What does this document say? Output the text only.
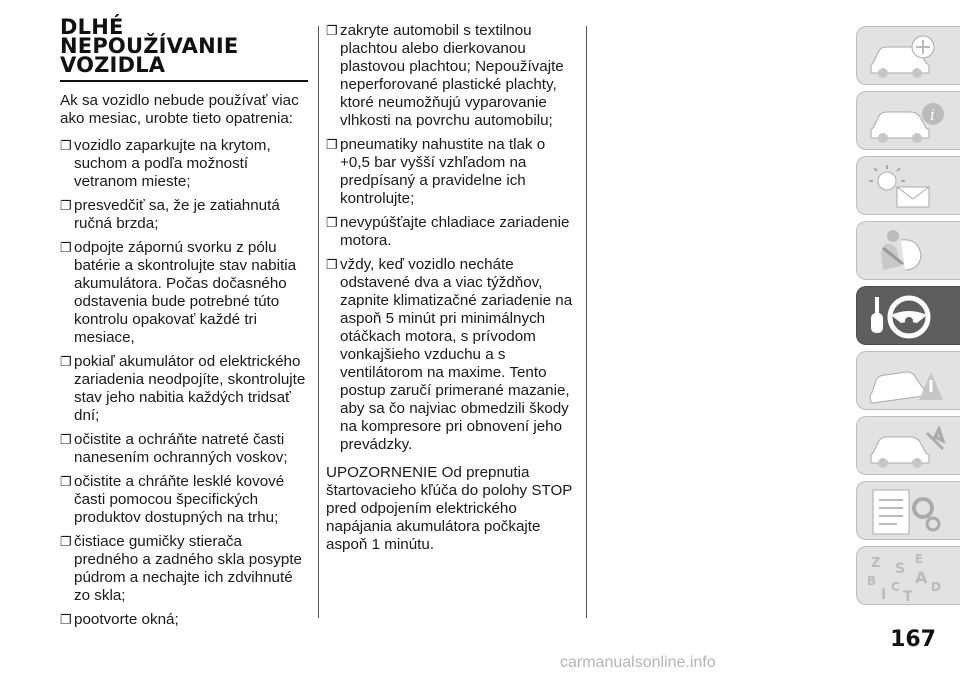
DLHÉ
NEPOUŽÍVANIE
VOZIDLA

Ak sa vozidlo nebude používať viac ako mesiac, urobte tieto opatrenia:

❐ vozidlo zaparkujte na krytom, suchom a podľa možností vetranom mieste;
❐ presvedčiť sa, že je zatiahnutá ručná brzda;
❐ odpojte zápornú svorku z pólu batérie a skontrolujte stav nabitia akumulátora. Počas dočasného odstavenia bude potrebné túto kontrolu opakovať každé tri mesiace,
❐ pokiaľ akumulátor od elektrického zariadenia neodpojíte, skontrolujte stav jeho nabitia každých tridsať dní;
❐ očistite a ochráňte natreté časti nanesením ochranných voskov;
❐ očistite a chráňte lesklé kovové časti pomocou špecifických produktov dostupných na trhu;
❐ čistiace gumičky stierača predného a zadného skla posypte púdrom a nechajte ich zdvihnuté zo skla;
❐ pootvorte okná;
❐ zakryte automobil s textilnou plachtou alebo dierkovanou plastovou plachtou; Nepoužívajte neperforované plastické plachty, ktoré neumožňujú vyparovanie vlhkosti na povrchu automobilu;
❐ pneumatiky nahustite na tlak o +0,5 bar vyšší vzhľadom na predpísaný a pravidelne ich kontrolujte;
❐ nevypúšťajte chladiace zariadenie motora.
❐ vždy, keď vozidlo necháte odstavené dva a viac týždňov, zapnite klimatizačné zariadenie na aspoň 5 minút pri minimálnych otáčkach motora, s prívodom vonkajšieho vzduchu a s ventilátorom na maxime. Tento postup zaručí primerané mazanie, aby sa čo najviac obmedzili škody na kompresore pri obnovení jeho prevádzky.

UPOZORNENIE Od prepnutia štartovacieho kľúča do polohy STOP pred odpojením elektrického napájania akumulátora počkajte aspoň 1 minútu.

i
Z	E
S A
B	D
I C
T
167
carmanualsonline.info
